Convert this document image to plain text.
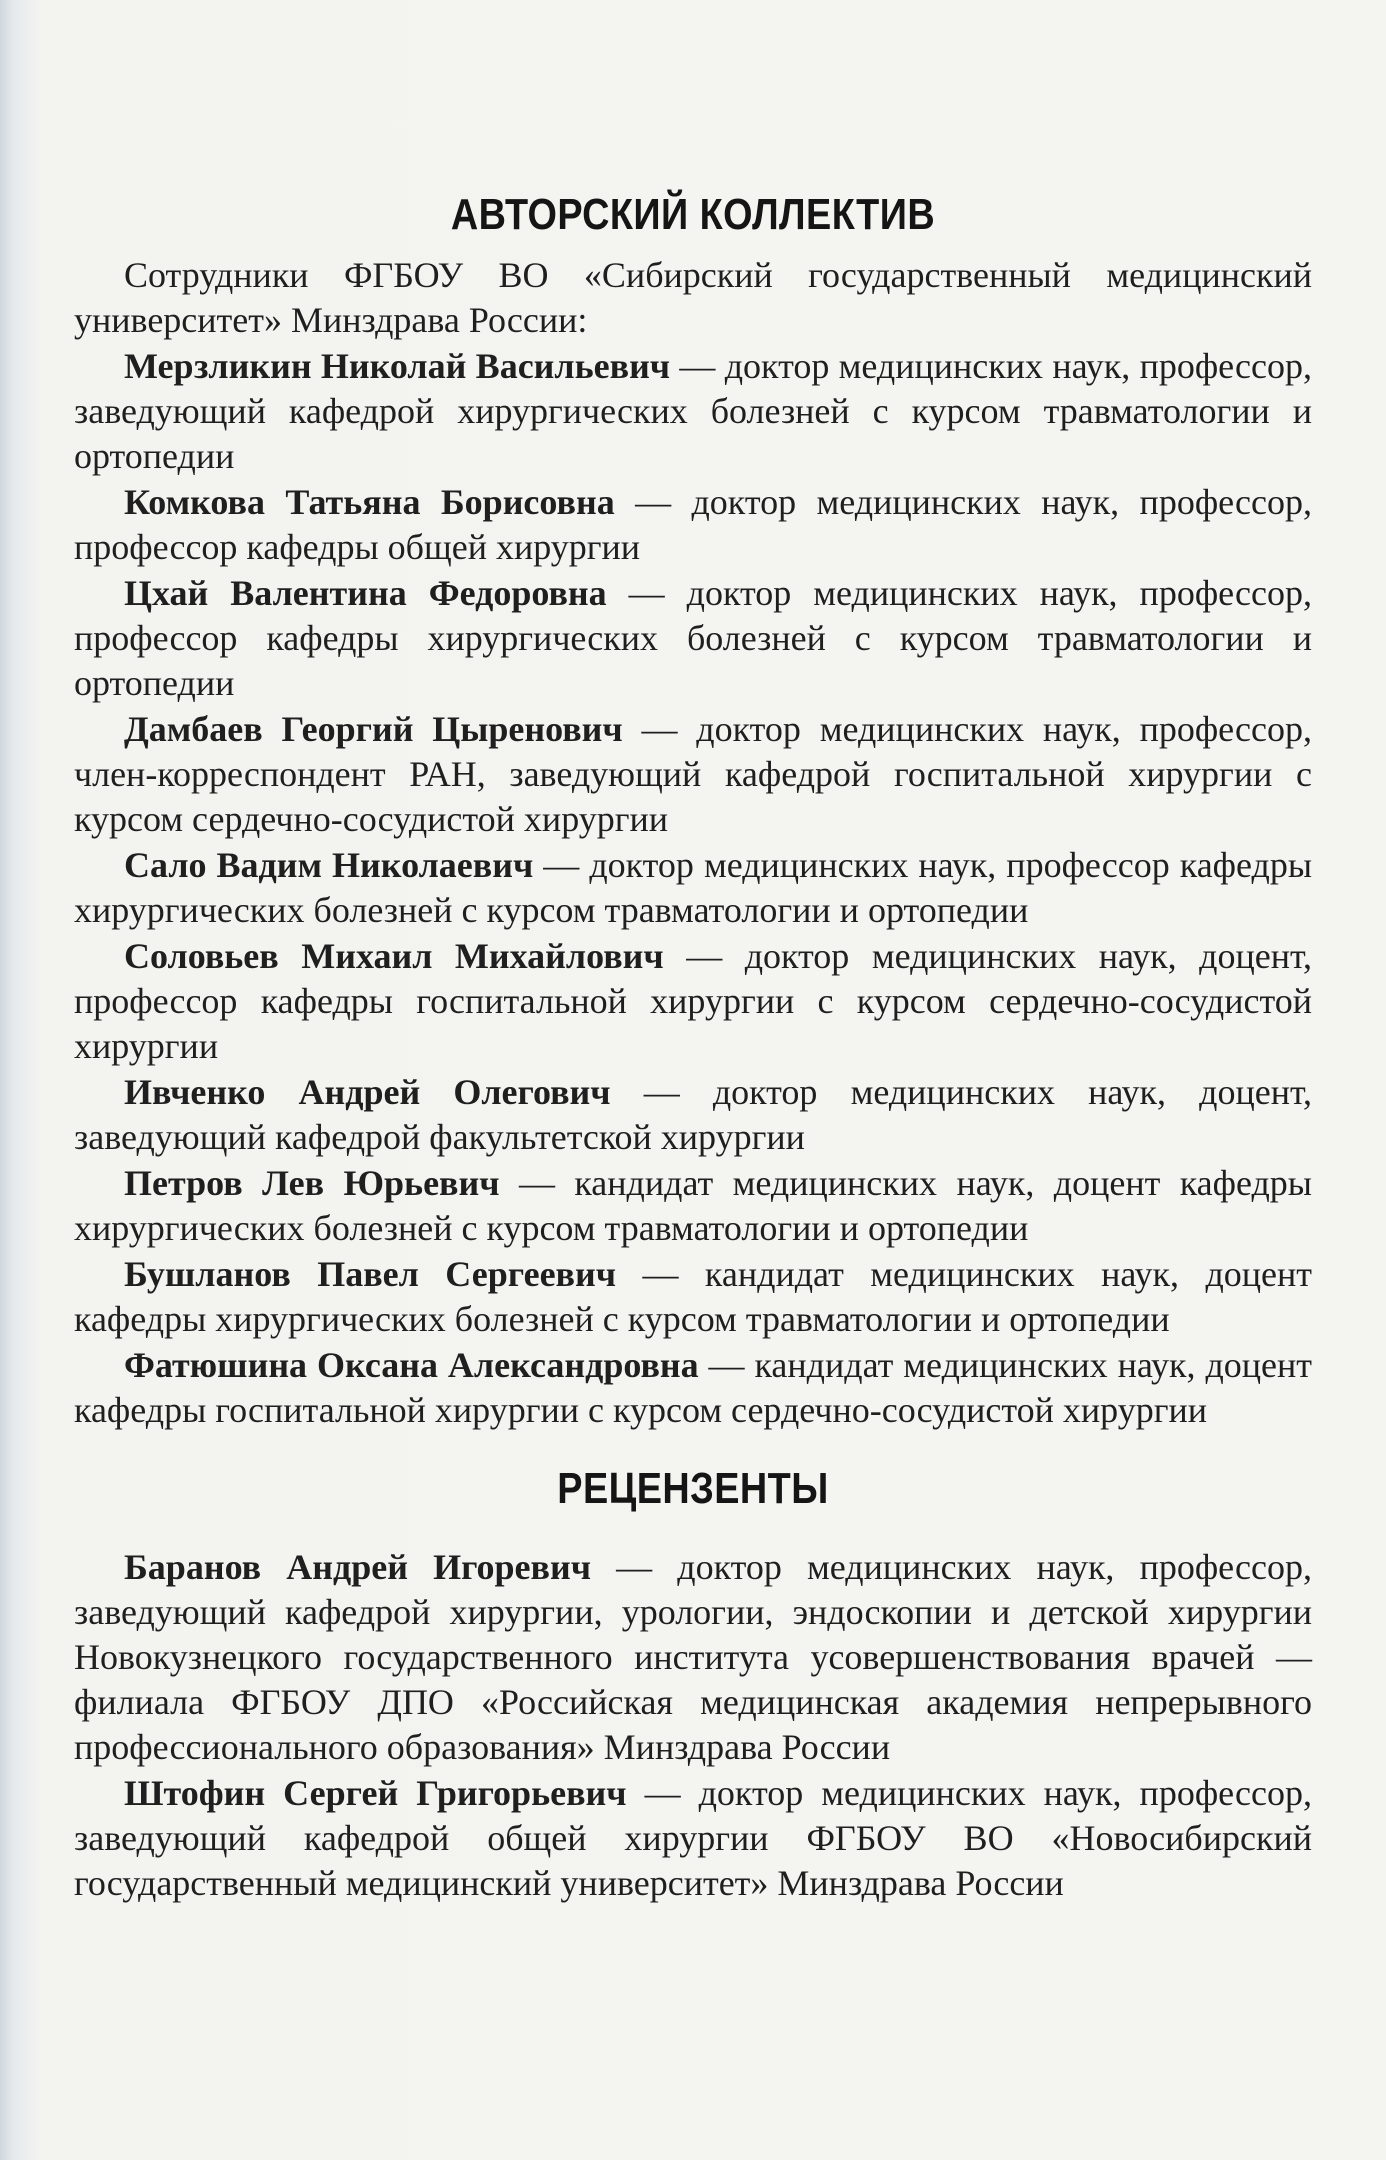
АВТОРСКИЙ КОЛЛЕКТИВ

Сотрудники ФГБОУ ВО «Сибирский государственный медицинский университет» Минздрава России:

Мерзликин Николай Васильевич — доктор медицинских наук, профессор, заведующий кафедрой хирургических болезней с курсом травматологии и ортопедии

Комкова Татьяна Борисовна — доктор медицинских наук, профессор, профессор кафедры общей хирургии

Цхай Валентина Федоровна — доктор медицинских наук, профессор, профессор кафедры хирургических болезней с курсом травматологии и ортопедии

Дамбаев Георгий Цыренович — доктор медицинских наук, профессор, член-корреспондент РАН, заведующий кафедрой госпитальной хирургии с курсом сердечно-сосудистой хирургии

Сало Вадим Николаевич — доктор медицинских наук, профессор кафедры хирургических болезней с курсом травматологии и ортопедии

Соловьев Михаил Михайлович — доктор медицинских наук, доцент, профессор кафедры госпитальной хирургии с курсом сердечно-сосудистой хирургии

Ивченко Андрей Олегович — доктор медицинских наук, доцент, заведующий кафедрой факультетской хирургии

Петров Лев Юрьевич — кандидат медицинских наук, доцент кафедры хирургических болезней с курсом травматологии и ортопедии

Бушланов Павел Сергеевич — кандидат медицинских наук, доцент кафедры хирургических болезней с курсом травматологии и ортопедии

Фатюшина Оксана Александровна — кандидат медицинских наук, доцент кафедры госпитальной хирургии с курсом сердечно-сосудистой хирургии

РЕЦЕНЗЕНТЫ

Баранов Андрей Игоревич — доктор медицинских наук, профессор, заведующий кафедрой хирургии, урологии, эндоскопии и детской хирургии Новокузнецкого государственного института усовершенствования врачей — филиала ФГБОУ ДПО «Российская медицинская академия непрерывного профессионального образования» Минздрава России

Штофин Сергей Григорьевич — доктор медицинских наук, профессор, заведующий кафедрой общей хирургии ФГБОУ ВО «Новосибирский государственный медицинский университет» Минздрава России
